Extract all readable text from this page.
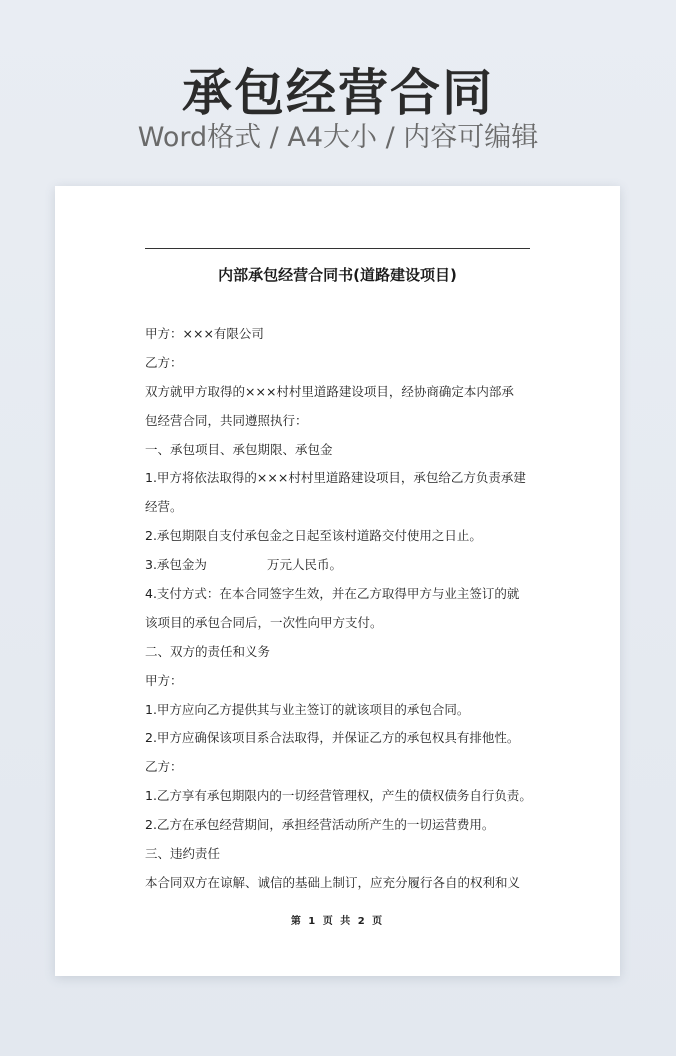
承包经营合同
Word格式 / A4大小 / 内容可编辑
内部承包经营合同书(道路建设项目)
甲方：×××有限公司
乙方：
双方就甲方取得的×××村村里道路建设项目，经协商确定本内部承
包经营合同，共同遵照执行：
一、承包项目、承包期限、承包金
1.甲方将依法取得的×××村村里道路建设项目，承包给乙方负责承建
经营。
2.承包期限自支付承包金之日起至该村道路交付使用之日止。
3.承包金为	万元人民币。
4.支付方式：在本合同签字生效，并在乙方取得甲方与业主签订的就
该项目的承包合同后，一次性向甲方支付。
二、双方的责任和义务
甲方：
1.甲方应向乙方提供其与业主签订的就该项目的承包合同。
2.甲方应确保该项目系合法取得，并保证乙方的承包权具有排他性。
乙方：
1.乙方享有承包期限内的一切经营管理权，产生的债权债务自行负责。
2.乙方在承包经营期间，承担经营活动所产生的一切运营费用。
三、违约责任
本合同双方在谅解、诚信的基础上制订，应充分履行各自的权利和义
第 1 页 共 2 页
